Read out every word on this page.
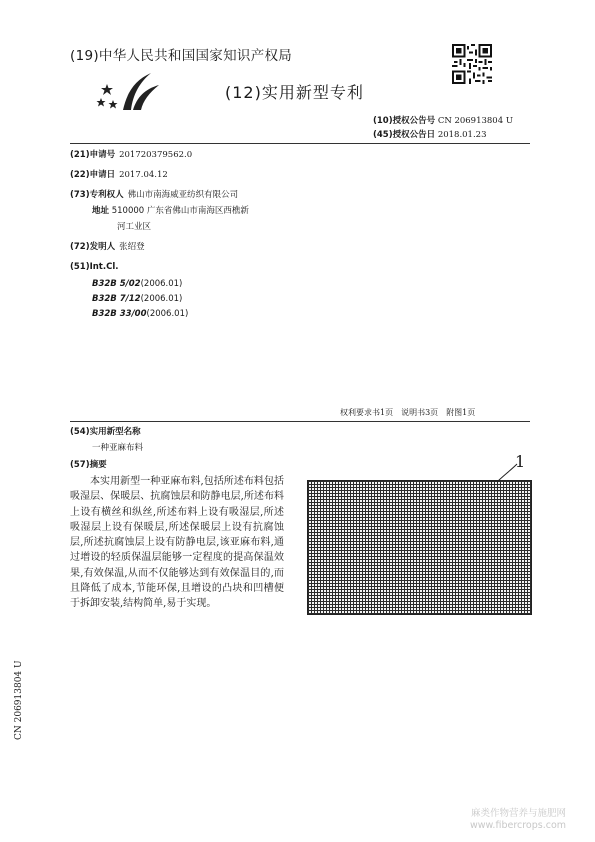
(19)中华人民共和国国家知识产权局
(12)实用新型专利
(10)授权公告号 CN 206913804 U
(45)授权公告日 2018.01.23
(21)申请号 201720379562.0
(22)申请日 2017.04.12
(73)专利权人 佛山市南海威亚纺织有限公司
地址 510000 广东省佛山市南海区西樵新
河工业区
(72)发明人 张绍登
(51)Int.Cl.
B32B 5/02(2006.01)
B32B 7/12(2006.01)
B32B 33/00(2006.01)
权利要求书1页 说明书3页 附图1页
(54)实用新型名称
一种亚麻布料
(57)摘要
本实用新型一种亚麻布料,包括所述布料包括吸湿层、保暖层、抗腐蚀层和防静电层,所述布料上设有横丝和纵丝,所述布料上设有吸湿层,所述吸湿层上设有保暖层,所述保暖层上设有抗腐蚀层,所述抗腐蚀层上设有防静电层,该亚麻布料,通过增设的轻质保温层能够一定程度的提高保温效果,有效保温,从而不仅能够达到有效保温目的,而且降低了成本,节能环保,且增设的凸块和凹槽便于拆卸安装,结构简单,易于实现。
1
CN 206913804 U
麻类作物营养与施肥网
www.fibercrops.com
